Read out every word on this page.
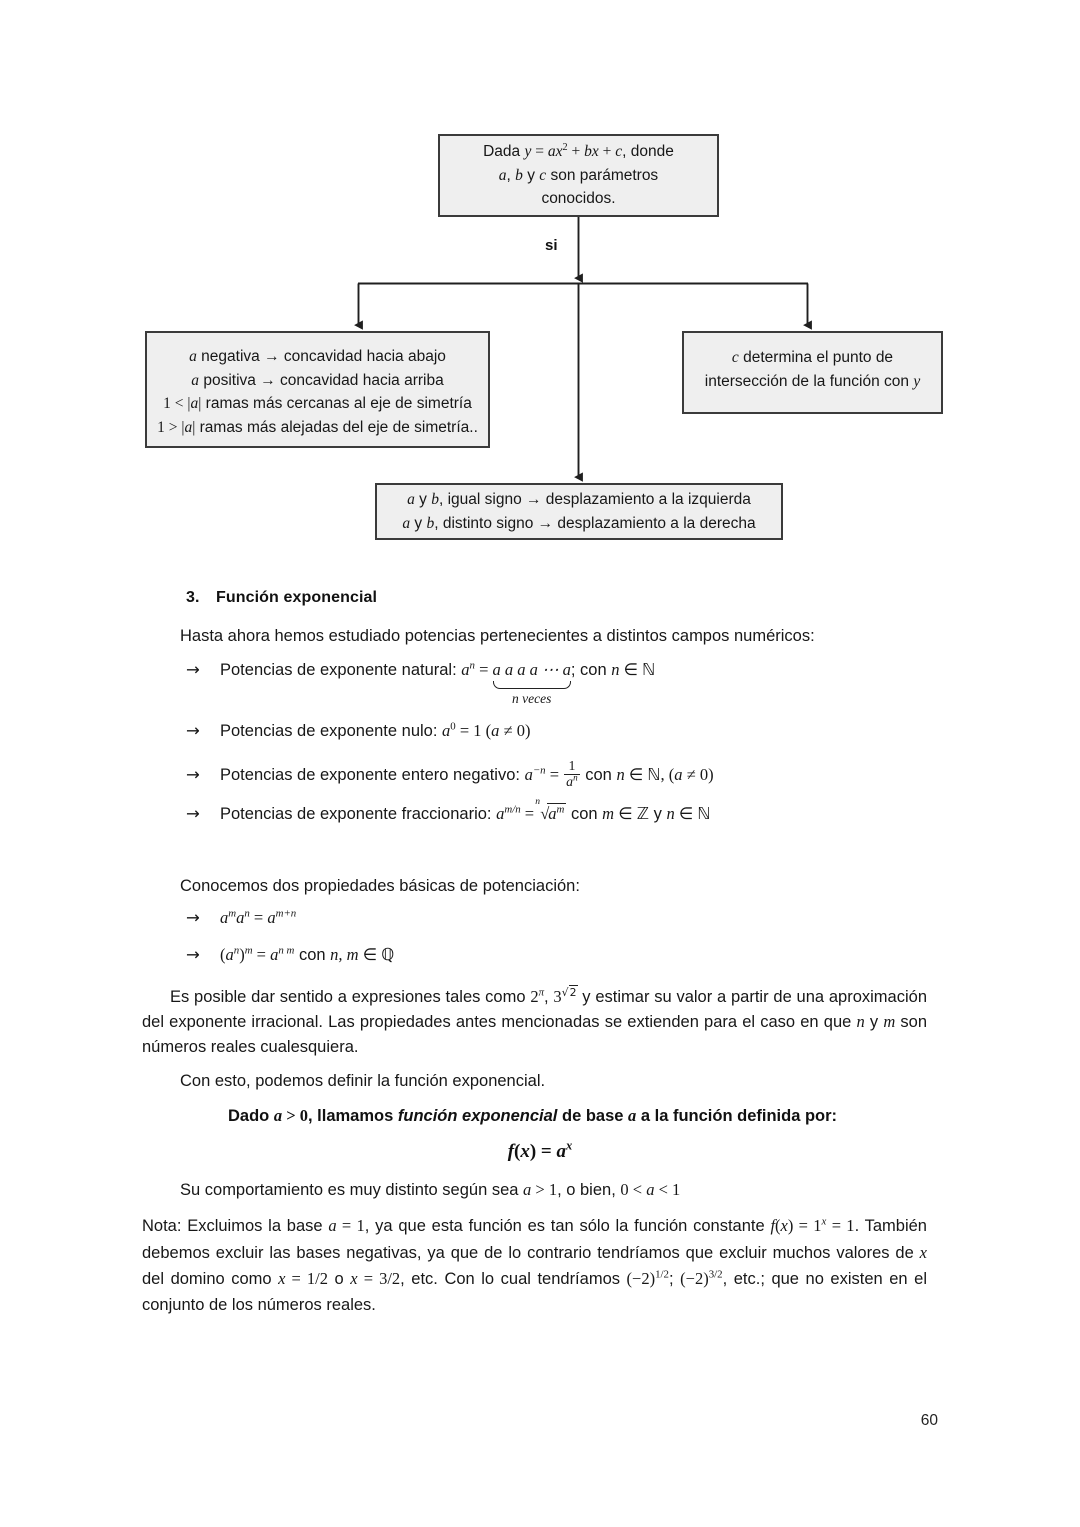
Dada $y = ax^2$ + bx + c, donde
a, b y c son parámetros
conocidos.
si
a negativa → concavidad hacia abajo
a positiva → concavidad hacia arriba
1 < |a| ramas más cercanas al eje de simetría
1 > |a| ramas más alejadas del eje de simetría..
c determina el punto de
intersección de la función con y
a y b, igual signo → desplazamiento a la izquierda
a y b, distinto signo → desplazamiento a la derecha
3. Función exponencial
Hasta ahora hemos estudiado potencias pertenecientes a distintos campos numéricos:
→ Potencias de exponente natural: $a^n = a$ a a a ⋯ a
n veces
; con n ∈ ℕ
→ Potencias de exponente nulo: $a^0 = 1$ (a ≠ 0)
→ Potencias de exponente entero negativo: $a^{-n} = \frac{1}{a^n}$ con n ∈ ℕ, (a ≠ 0)
→ Potencias de exponente fraccionario: $a^{m/n}$ =
n
$√a^m$ con m ∈ ℤ y n ∈ ℕ
Conocemos dos propiedades básicas de potenciación:
→ $a^ma^n = a^{m+n}$
→ $(a^n)^m = a^{n m}$ con n, m ∈ ℚ
Es posible dar sentido a expresiones tales como $2^\pi$, $3^{√2}$ y estimar su valor a partir de una aproximación del exponente irracional. Las propiedades antes mencionadas se extienden para el caso en que n y m son números reales cualesquiera.
Con esto, podemos definir la función exponencial.
Dado a > 0, llamamos función exponencial de base a a la función definida por:
$f(x) = a^x$
Su comportamiento es muy distinto según sea a > 1, o bien, 0 < a < 1
Nota: Excluimos la base a = 1, ya que esta función es tan sólo la función constante $f(x) = 1^x = 1$. También debemos excluir las bases negativas, ya que de lo contrario tendríamos que excluir muchos valores de x del domino como x = 1/2 o x = 3/2, etc. Con lo cual tendríamos $(-2)^{1/2}$; $(-2)^{3/2}$, etc.; que no existen en el conjunto de los números reales.
60
